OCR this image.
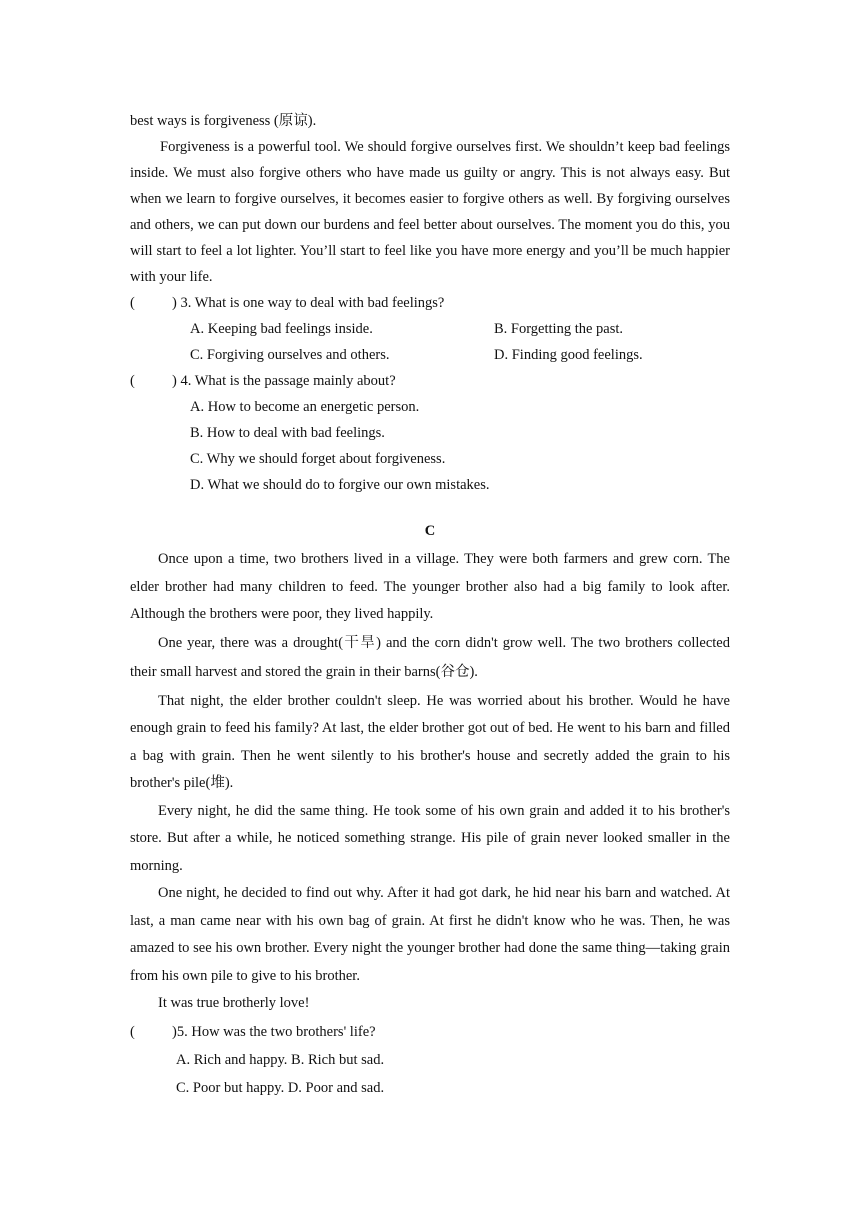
best ways is forgiveness (原谅).

Forgiveness is a powerful tool. We should forgive ourselves first. We shouldn’t keep bad feelings inside. We must also forgive others who have made us guilty or angry. This is not always easy. But when we learn to forgive ourselves, it becomes easier to forgive others as well. By forgiving ourselves and others, we can put down our burdens and feel better about ourselves. The moment you do this, you will start to feel a lot lighter. You’ll start to feel like you have more energy and you’ll be much happier with your life.

(	) 3. What is one way to deal with bad feelings?
A. Keeping bad feelings inside.	B. Forgetting the past.
C. Forgiving ourselves and others.	D. Finding good feelings.
(	) 4. What is the passage mainly about?
A. How to become an energetic person.
B. How to deal with bad feelings.
C. Why we should forget about forgiveness.
D. What we should do to forgive our own mistakes.
C

Once upon a time, two brothers lived in a village. They were both farmers and grew corn. The elder brother had many children to feed. The younger brother also had a big family to look after. Although the brothers were poor, they lived happily.

One year, there was a drought(干旱) and the corn didn't grow well. The two brothers collected their small harvest and stored the grain in their barns(谷仓).

That night, the elder brother couldn't sleep. He was worried about his brother. Would he have enough grain to feed his family? At last, the elder brother got out of bed. He went to his barn and filled a bag with grain. Then he went silently to his brother's house and secretly added the grain to his brother's pile(堆).

Every night, he did the same thing. He took some of his own grain and added it to his brother's store. But after a while, he noticed something strange. His pile of grain never looked smaller in the morning.

One night, he decided to find out why. After it had got dark, he hid near his barn and watched. At last, a man came near with his own bag of grain. At first he didn't know who he was. Then, he was amazed to see his own brother. Every night the younger brother had done the same thing—taking grain from his own pile to give to his brother.

It was true brotherly love!

(	)5. How was the two brothers' life?
A. Rich and happy. B. Rich but sad.
C. Poor but happy. D. Poor and sad.
